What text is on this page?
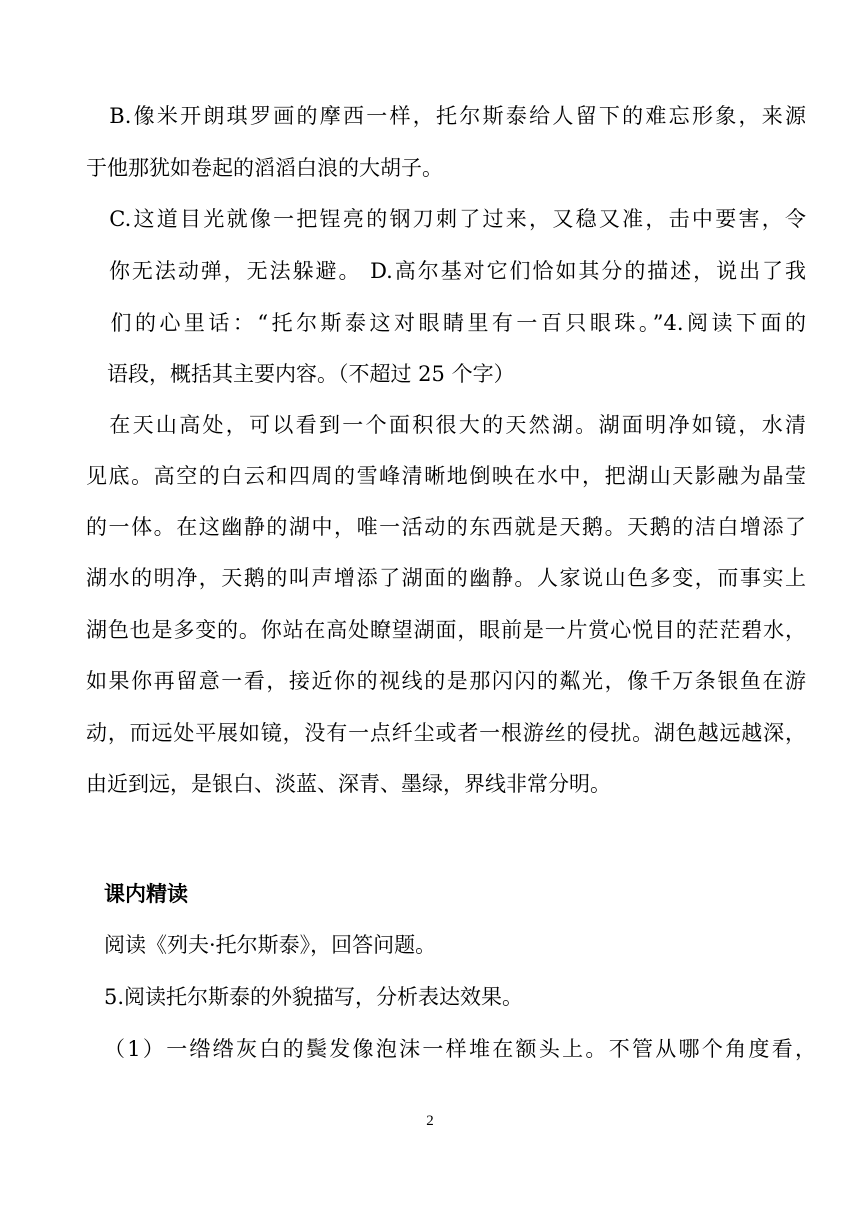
　B.像米开朗琪罗画的摩西一样，托尔斯泰给人留下的难忘形象，来源
于他那犹如卷起的滔滔白浪的大胡子。
　C.这道目光就像一把锃亮的钢刀刺了过来，又稳又准，击中要害，令
　你无法动弹，无法躲避。 D.高尔基对它们恰如其分的描述，说出了我
　们的心里话：“托尔斯泰这对眼睛里有一百只眼珠。”4.阅读下面的
　语段，概括其主要内容。（不超过 25 个字）
　在天山高处，可以看到一个面积很大的天然湖。湖面明净如镜，水清
见底。高空的白云和四周的雪峰清晰地倒映在水中，把湖山天影融为晶莹
的一体。在这幽静的湖中，唯一活动的东西就是天鹅。天鹅的洁白增添了
湖水的明净，天鹅的叫声增添了湖面的幽静。人家说山色多变，而事实上
湖色也是多变的。你站在高处瞭望湖面，眼前是一片赏心悦目的茫茫碧水，
如果你再留意一看，接近你的视线的是那闪闪的粼光，像千万条银鱼在游
动，而远处平展如镜，没有一点纤尘或者一根游丝的侵扰。湖色越远越深，
由近到远，是银白、淡蓝、深青、墨绿，界线非常分明。
课内精读
阅读《列夫·托尔斯泰》，回答问题。
5.阅读托尔斯泰的外貌描写，分析表达效果。
（1）一绺绺灰白的鬓发像泡沫一样堆在额头上。不管从哪个角度看，
2
